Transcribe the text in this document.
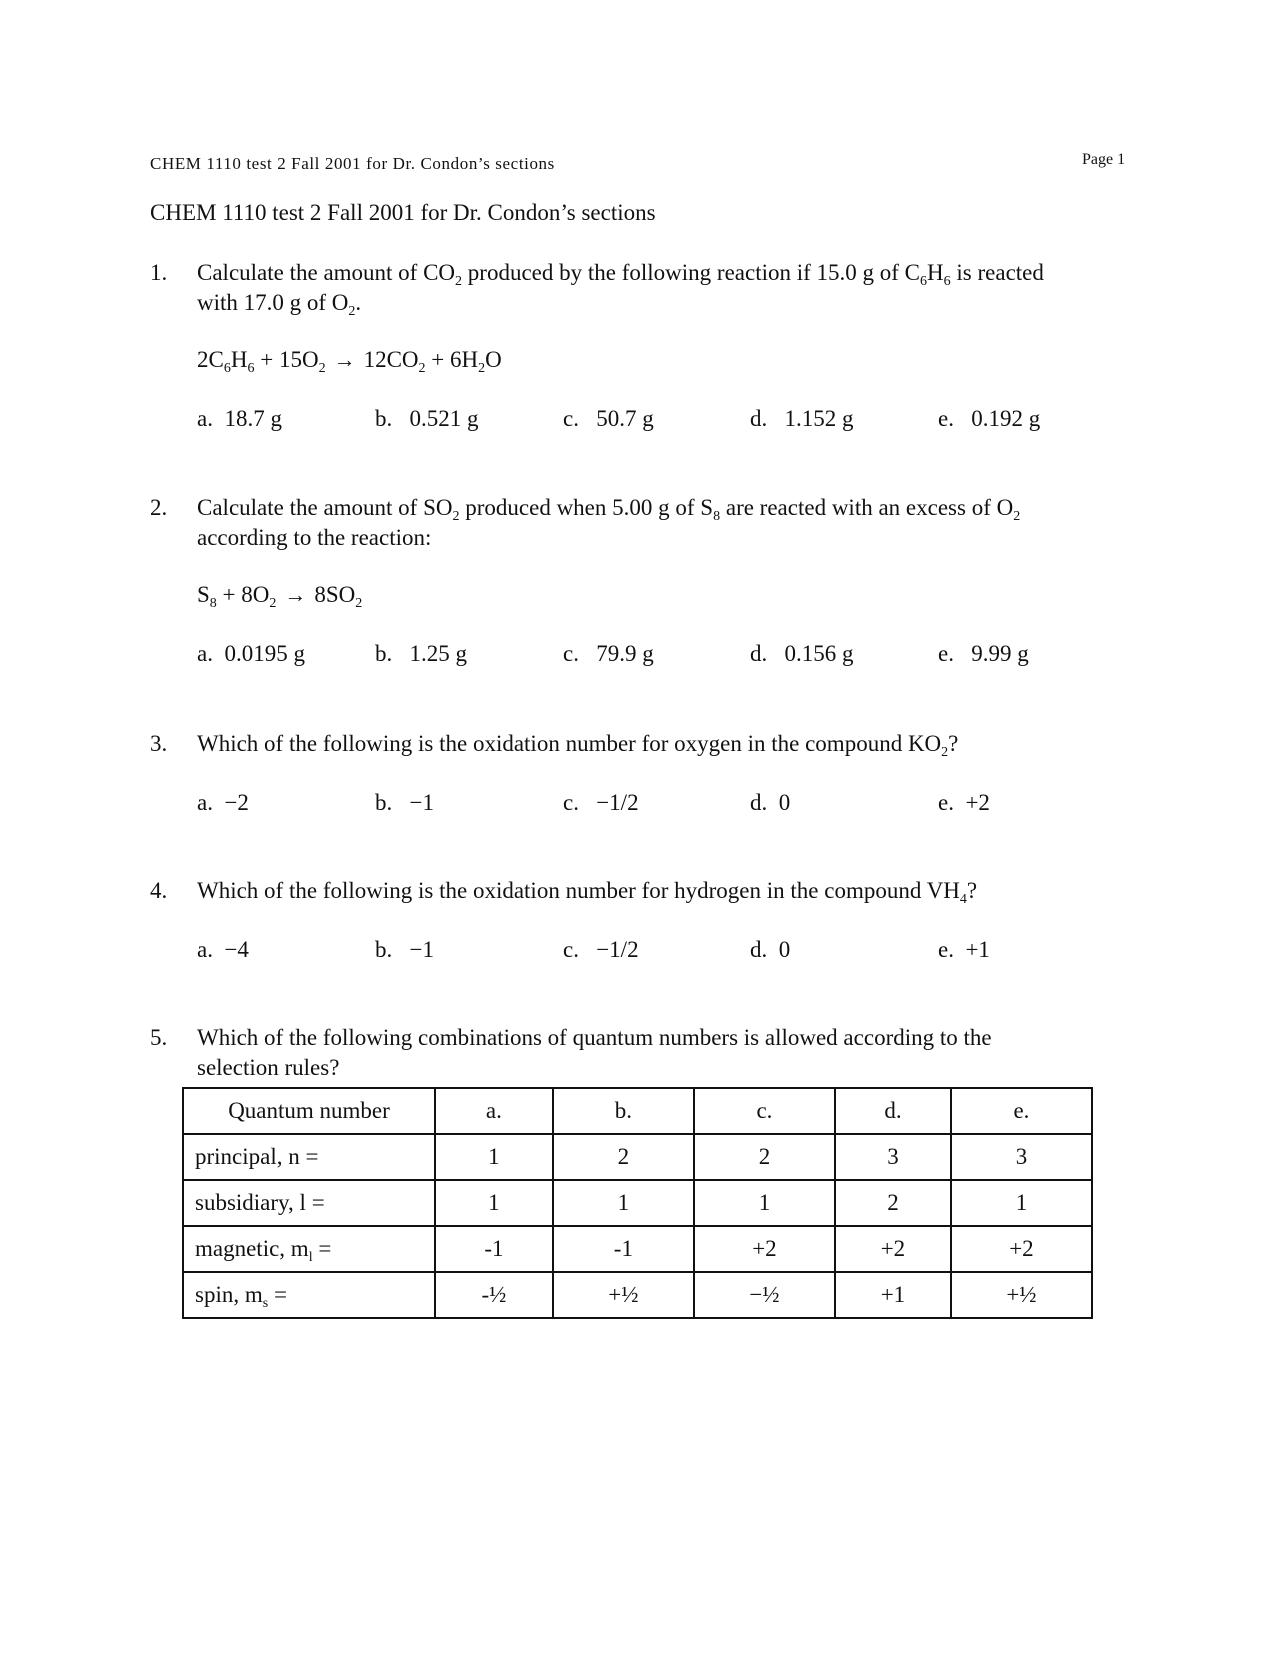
CHEM 1110 test 2 Fall 2001 for Dr. Condon’s sections	Page 1
CHEM 1110 test 2 Fall 2001 for Dr. Condon’s sections
1. Calculate the amount of $CO_2$ produced by the following reaction if 15.0 g of $C_6H_6$ is reacted
with 17.0 g of $O_2$.
$2C_6H_6 + 15O_2 \to 12CO_2 + 6H_2O$
a.  18.7 g	b.   0.521 g	c.   50.7 g	d.   1.152 g	e.   0.192 g
2. Calculate the amount of $SO_2$ produced when 5.00 g of $S_8$ are reacted with an excess of $O_2$
according to the reaction:
$S_8 + 8O_2 \to 8SO_2$
a.  0.0195 g	b.   1.25 g	c.   79.9 g	d.   0.156 g	e.   9.99 g
3. Which of the following is the oxidation number for oxygen in the compound $KO_2$?
a.  −2	b.   −1	c.   −1/2	d.  0	e.  +2
4. Which of the following is the oxidation number for hydrogen in the compound $VH_4$?
a.  −4	b.   −1	c.   −1/2	d.  0	e.  +1
5. Which of the following combinations of quantum numbers is allowed according to the
selection rules?
Quantum number	a.	b.	c.	d.	e.
principal, n =	1	2	2	3	3
subsidiary, l =	1	1	1	2	1
magnetic, $m_l$ =	-1	-1	+2	+2	+2
spin, $m_s$ =	-½	+½	−½	+1	+½
